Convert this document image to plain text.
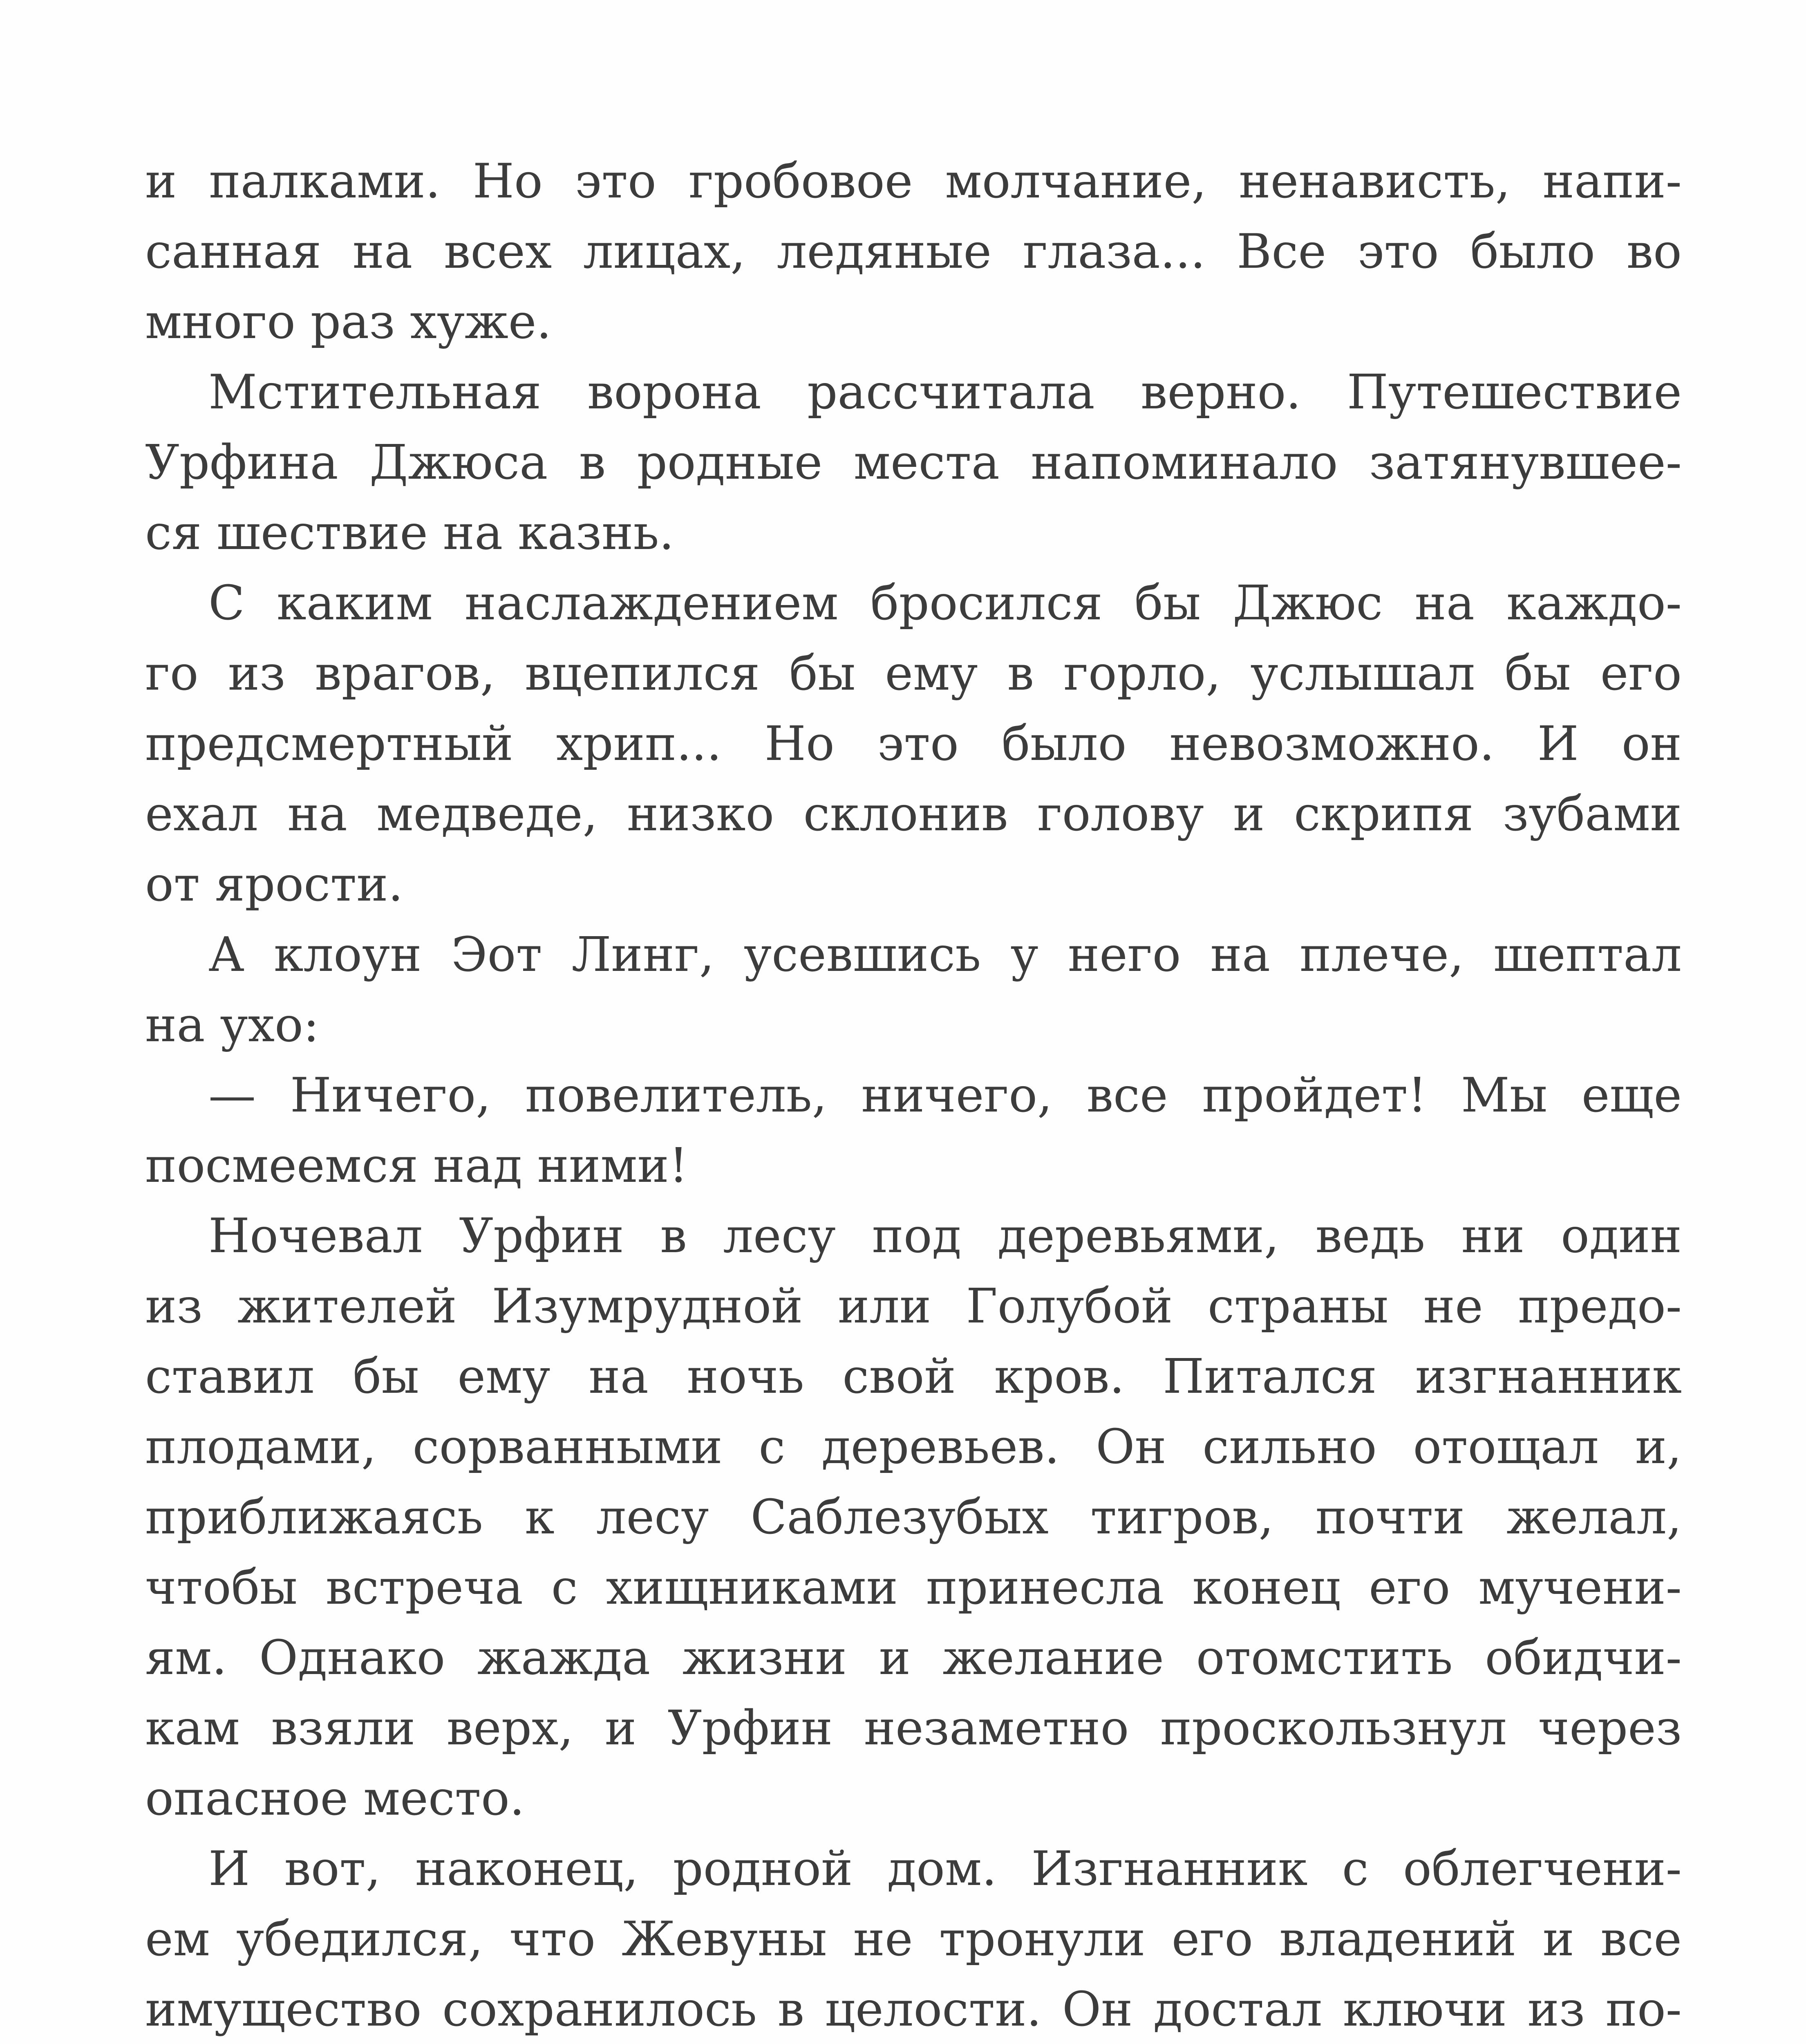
и палками. Но это гробовое молчание, ненависть, напи-
санная на всех лицах, ледяные глаза... Все это было во
много раз хуже.
Мстительная ворона рассчитала верно. Путешествие
Урфина Джюса в родные места напоминало затянувшее-
ся шествие на казнь.
С каким наслаждением бросился бы Джюс на каждо-
го из врагов, вцепился бы ему в горло, услышал бы его
предсмертный хрип... Но это было невозможно. И он
ехал на медведе, низко склонив голову и скрипя зубами
от ярости.
А клоун Эот Линг, усевшись у него на плече, шептал
на ухо:
— Ничего, повелитель, ничего, все пройдет! Мы еще
посмеемся над ними!
Ночевал Урфин в лесу под деревьями, ведь ни один
из жителей Изумрудной или Голубой страны не предо-
ставил бы ему на ночь свой кров. Питался изгнанник
плодами, сорванными с деревьев. Он сильно отощал и,
приближаясь к лесу Саблезубых тигров, почти желал,
чтобы встреча с хищниками принесла конец его мучени-
ям. Однако жажда жизни и желание отомстить обидчи-
кам взяли верх, и Урфин незаметно проскользнул через
опасное место.
И вот, наконец, родной дом. Изгнанник с облегчени-
ем убедился, что Жевуны не тронули его владений и все
имущество сохранилось в целости. Он достал ключи из по-
